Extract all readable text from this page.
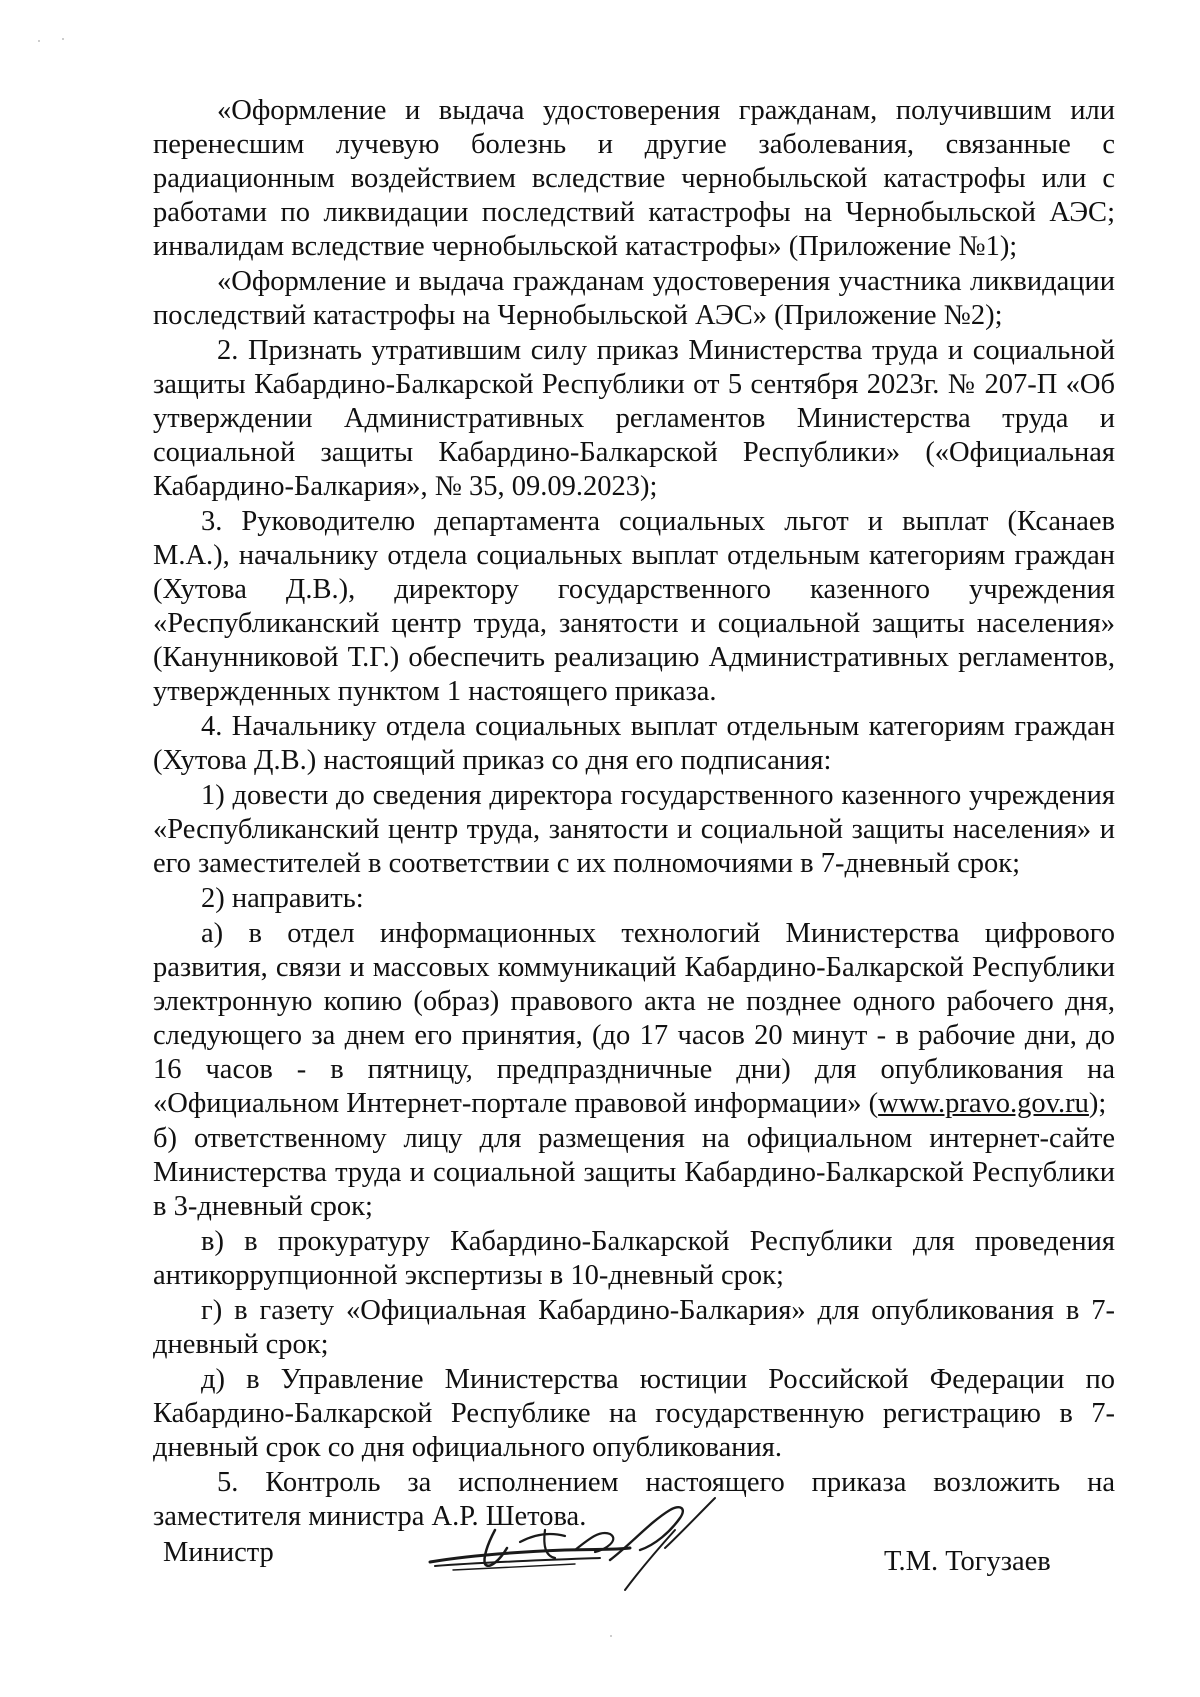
«Оформление и выдача удостоверения гражданам, получившим или перенесшим лучевую болезнь и другие заболевания, связанные с радиационным воздействием вследствие чернобыльской катастрофы или с работами по ликвидации последствий катастрофы на Чернобыльской АЭС; инвалидам вследствие чернобыльской катастрофы» (Приложение №1);

«Оформление и выдача гражданам удостоверения участника ликвидации последствий катастрофы на Чернобыльской АЭС» (Приложение №2);

2. Признать утратившим силу приказ Министерства труда и социальной защиты Кабардино-Балкарской Республики от 5 сентября 2023г. № 207-П «Об утверждении Административных регламентов Министерства труда и социальной защиты Кабардино-Балкарской Республики» («Официальная Кабардино-Балкария», № 35, 09.09.2023);

3. Руководителю департамента социальных льгот и выплат (Ксанаев М.А.), начальнику отдела социальных выплат отдельным категориям граждан (Хутова Д.В.), директору государственного казенного учреждения «Республиканский центр труда, занятости и социальной защиты населения» (Канунниковой Т.Г.) обеспечить реализацию Административных регламентов, утвержденных пунктом 1 настоящего приказа.

4. Начальнику отдела социальных выплат отдельным категориям граждан (Хутова Д.В.) настоящий приказ со дня его подписания:

1) довести до сведения директора государственного казенного учреждения «Республиканский центр труда, занятости и социальной защиты населения» и его заместителей в соответствии с их полномочиями в 7-дневный срок;

2) направить:

а) в отдел информационных технологий Министерства цифрового развития, связи и массовых коммуникаций Кабардино-Балкарской Республики электронную копию (образ) правового акта не позднее одного рабочего дня, следующего за днем его принятия, (до 17 часов 20 минут - в рабочие дни, до 16 часов - в пятницу, предпраздничные дни) для опубликования на «Официальном Интернет-портале правовой информации» (www.pravo.gov.ru);

б) ответственному лицу для размещения на официальном интернет-сайте Министерства труда и социальной защиты Кабардино-Балкарской Республики в 3-дневный срок;

в) в прокуратуру Кабардино-Балкарской Республики для проведения антикоррупционной экспертизы в 10-дневный срок;

г) в газету «Официальная Кабардино-Балкария» для опубликования в 7-дневный срок;

д) в Управление Министерства юстиции Российской Федерации по Кабардино-Балкарской Республике на государственную регистрацию в 7-дневный срок со дня официального опубликования.

5. Контроль за исполнением настоящего приказа возложить на заместителя министра А.Р. Шетова.

Министр	Т.М. Тогузаев
